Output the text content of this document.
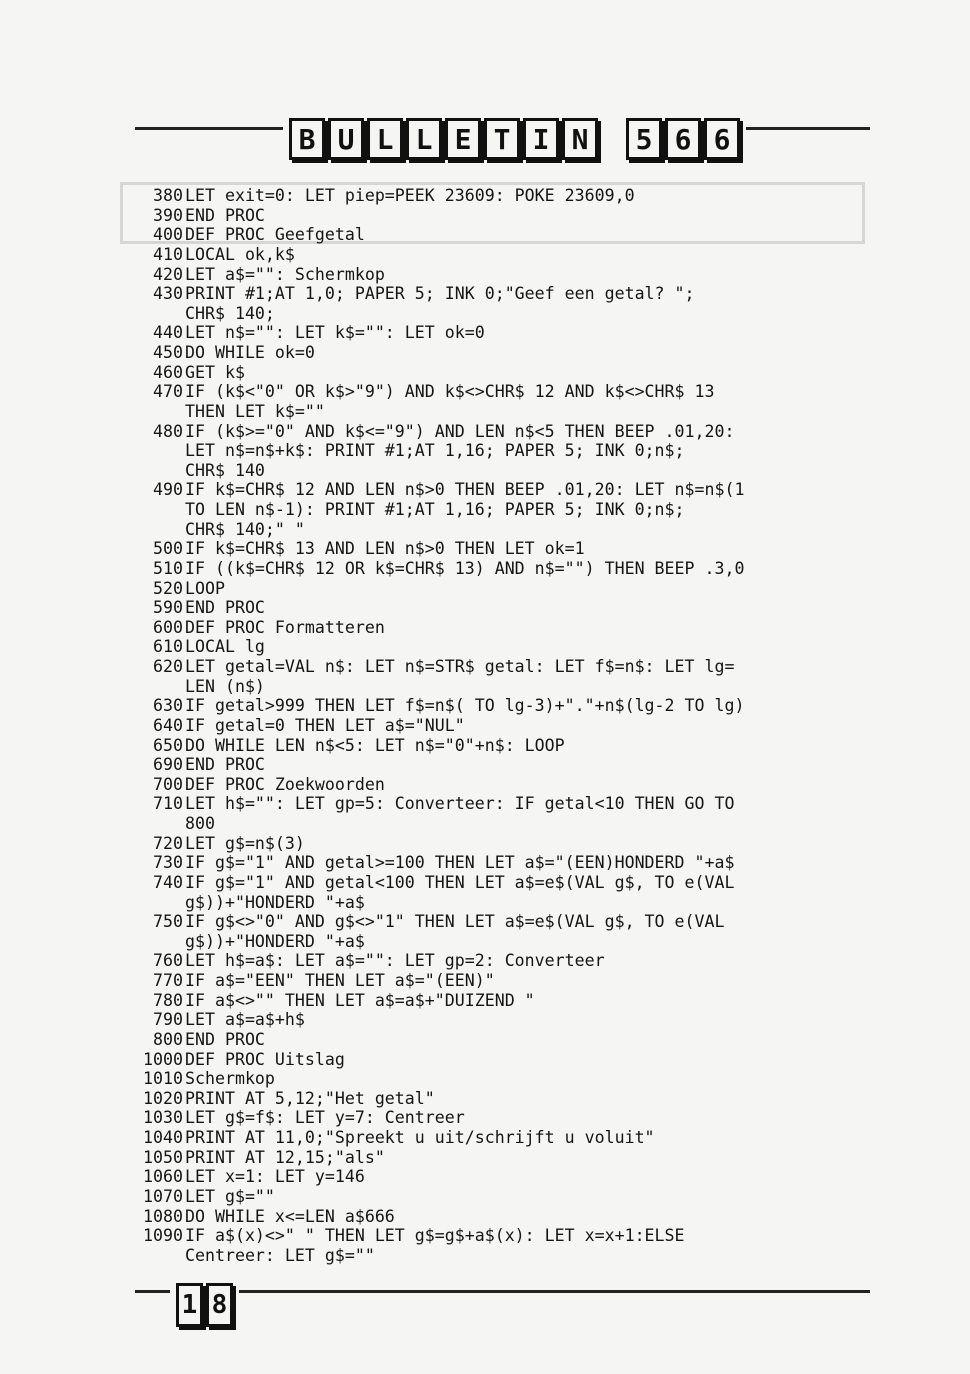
B U L L E T I N	5 6 6
380 LET exit=0: LET piep=PEEK 23609: POKE 23609,0
390 END PROC
400 DEF PROC Geefgetal
410 LOCAL ok,k$
420 LET a$="": Schermkop
430 PRINT #1;AT 1,0; PAPER 5; INK 0;"Geef een getal? ";
CHR$ 140;
440 LET n$="": LET k$="": LET ok=0
450 DO WHILE ok=0
460 GET k$
470 IF (k$<"0" OR k$>"9") AND k$<>CHR$ 12 AND k$<>CHR$ 13
THEN LET k$=""
480 IF (k$>="0" AND k$<="9") AND LEN n$<5 THEN BEEP .01,20:
LET n$=n$+k$: PRINT #1;AT 1,16; PAPER 5; INK 0;n$;
CHR$ 140
490 IF k$=CHR$ 12 AND LEN n$>0 THEN BEEP .01,20: LET n$=n$(1
TO LEN n$-1): PRINT #1;AT 1,16; PAPER 5; INK 0;n$;
CHR$ 140;" "
500 IF k$=CHR$ 13 AND LEN n$>0 THEN LET ok=1
510 IF ((k$=CHR$ 12 OR k$=CHR$ 13) AND n$="") THEN BEEP .3,0
520 LOOP
590 END PROC
600 DEF PROC Formatteren
610 LOCAL lg
620 LET getal=VAL n$: LET n$=STR$ getal: LET f$=n$: LET lg=
LEN (n$)
630 IF getal>999 THEN LET f$=n$( TO lg-3)+"."+n$(lg-2 TO lg)
640 IF getal=0 THEN LET a$="NUL"
650 DO WHILE LEN n$<5: LET n$="0"+n$: LOOP
690 END PROC
700 DEF PROC Zoekwoorden
710 LET h$="": LET gp=5: Converteer: IF getal<10 THEN GO TO
800
720 LET g$=n$(3)
730 IF g$="1" AND getal>=100 THEN LET a$="(EEN)HONDERD "+a$
740 IF g$="1" AND getal<100 THEN LET a$=e$(VAL g$, TO e(VAL
g$))+"HONDERD "+a$
750 IF g$<>"0" AND g$<>"1" THEN LET a$=e$(VAL g$, TO e(VAL
g$))+"HONDERD "+a$
760 LET h$=a$: LET a$="": LET gp=2: Converteer
770 IF a$="EEN" THEN LET a$="(EEN)"
780 IF a$<>"" THEN LET a$=a$+"DUIZEND "
790 LET a$=a$+h$
800 END PROC
1000 DEF PROC Uitslag
1010 Schermkop
1020 PRINT AT 5,12;"Het getal"
1030 LET g$=f$: LET y=7: Centreer
1040 PRINT AT 11,0;"Spreekt u uit/schrijft u voluit"
1050 PRINT AT 12,15;"als"
1060 LET x=1: LET y=146
1070 LET g$=""
1080 DO WHILE x<=LEN a$666
1090 IF a$(x)<>" " THEN LET g$=g$+a$(x): LET x=x+1:ELSE
Centreer: LET g$=""
1 8
